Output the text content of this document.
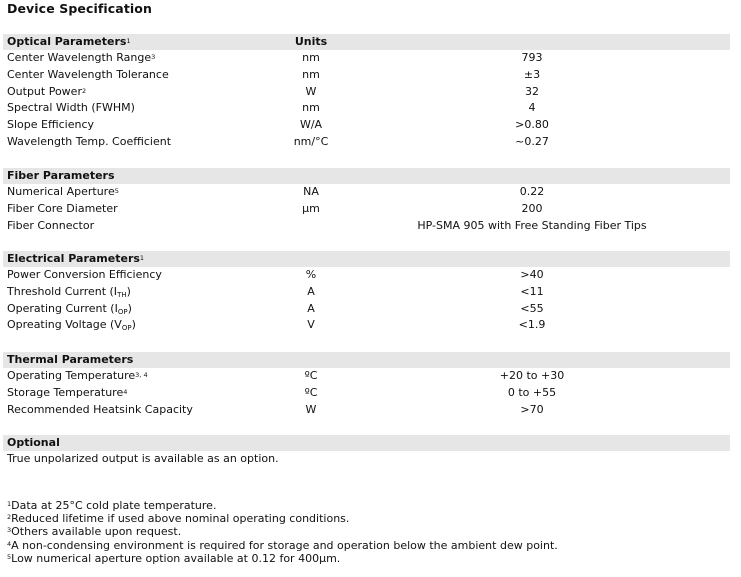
Device Specification
Optical Parameters$^1$	Units
Center Wavelength Range$^3$	nm	793
Center Wavelength Tolerance	nm	±3
Output Power$^2$	W	32
Spectral Width (FWHM)	nm	4
Slope Efficiency	W/A	>0.80
Wavelength Temp. Coefficient	nm/°C	~0.27
Fiber Parameters
Numerical Aperture$^5$	NA	0.22
Fiber Core Diameter	µm	200
Fiber Connector	HP-SMA 905 with Free Standing Fiber Tips
Electrical Parameters$^1$
Power Conversion Efficiency	%	>40
Threshold Current $(I_{TH})$	A	<11
Operating Current $(I_{OP})$	A	<55
Opreating Voltage $(V_{OP})$	V	<1.9
Thermal Parameters
Operating Temperature$^{3, 4}$	ºC	+20 to +30
Storage Temperature$^4$	ºC	0 to +55
Recommended Heatsink Capacity	W	>70
Optional
True unpolarized output is available as an option.
$^1$Data at 25°C cold plate temperature.
$^2$Reduced lifetime if used above nominal operating conditions.
$^3$Others available upon request.
$^4$A non-condensing environment is required for storage and operation below the ambient dew point.
$^5$Low numerical aperture option available at 0.12 for 400µm.
